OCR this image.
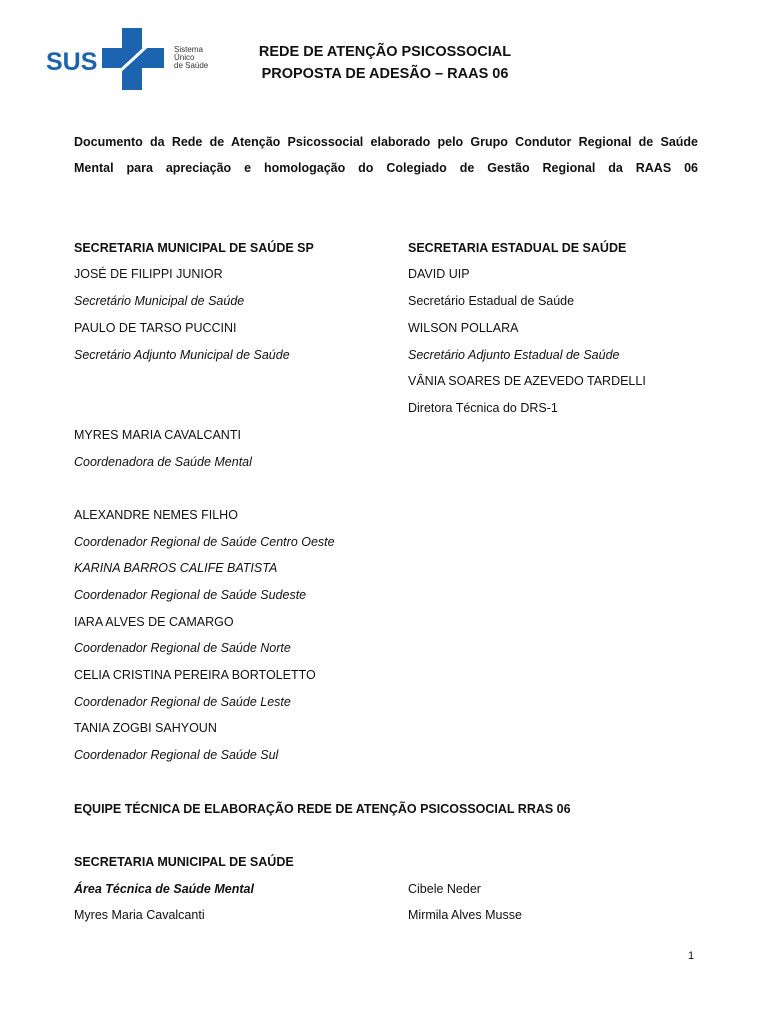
SUS	Sistema
Único
de Saúde
REDE DE ATENÇÃO PSICOSSOCIAL
PROPOSTA DE ADESÃO – RAAS 06
Documento da Rede de Atenção Psicossocial elaborado pelo Grupo Condutor Regional de Saúde
Mental para apreciação e homologação do Colegiado de Gestão Regional da RAAS 06
SECRETARIA MUNICIPAL DE SAÚDE SP
JOSÉ DE FILIPPI JUNIOR
Secretário Municipal de Saúde
PAULO DE TARSO PUCCINI
Secretário Adjunto Municipal de Saúde
MYRES MARIA CAVALCANTI
Coordenadora de Saúde Mental
ALEXANDRE NEMES FILHO
Coordenador Regional de Saúde Centro Oeste
KARINA BARROS CALIFE BATISTA
Coordenador Regional de Saúde Sudeste
IARA ALVES DE CAMARGO
Coordenador Regional de Saúde Norte
CELIA CRISTINA PEREIRA BORTOLETTO
Coordenador Regional de Saúde Leste
TANIA ZOGBI SAHYOUN
Coordenador Regional de Saúde Sul
SECRETARIA ESTADUAL DE SAÚDE
DAVID UIP
Secretário Estadual de Saúde
WILSON POLLARA
Secretário Adjunto Estadual de Saúde
VÂNIA SOARES DE AZEVEDO TARDELLI
Diretora Técnica do DRS-1
EQUIPE TÉCNICA DE ELABORAÇÃO REDE DE ATENÇÃO PSICOSSOCIAL RRAS 06
SECRETARIA MUNICIPAL DE SAÚDE
Área Técnica de Saúde Mental
Myres Maria Cavalcanti
Cibele Neder
Mirmila Alves Musse
1
